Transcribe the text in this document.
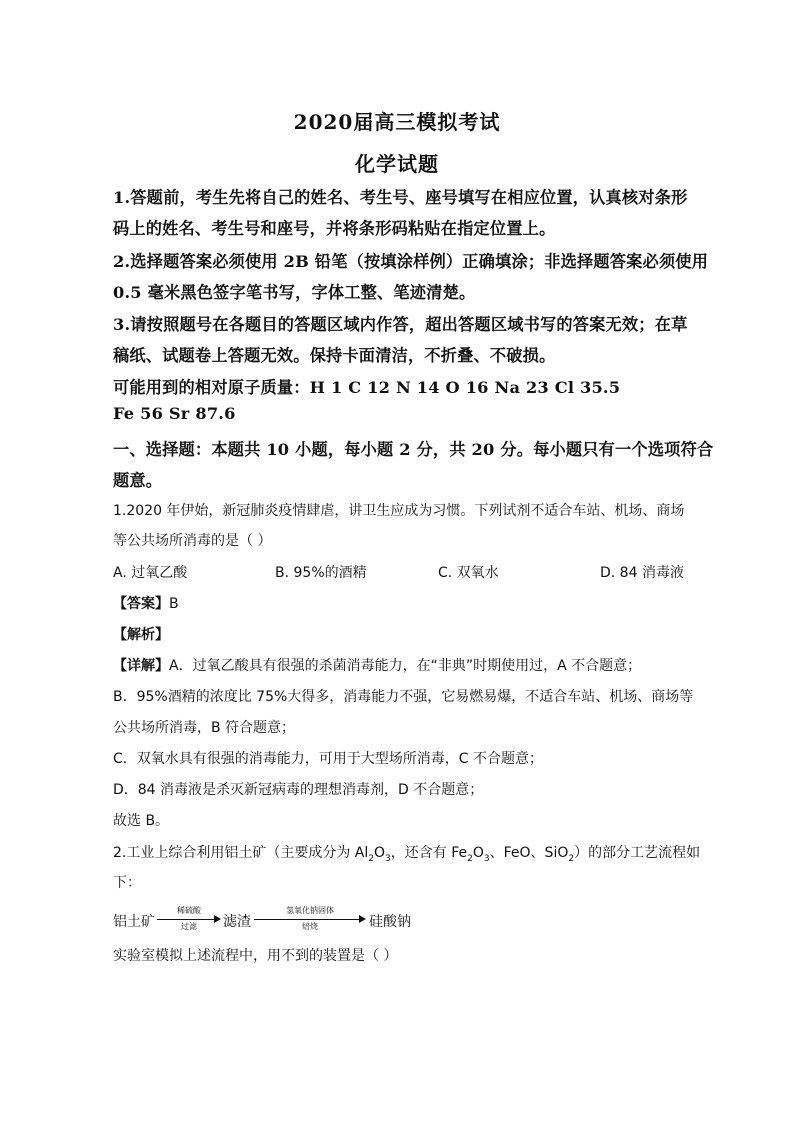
2020届高三模拟考试
化学试题
1.答题前，考生先将自己的姓名、考生号、座号填写在相应位置，认真核对条形
码上的姓名、考生号和座号，并将条形码粘贴在指定位置上。
2.选择题答案必须使用 2B 铅笔（按填涂样例）正确填涂；非选择题答案必须使用
0.5 毫米黑色签字笔书写，字体工整、笔迹清楚。
3.请按照题号在各题目的答题区域内作答，超出答题区域书写的答案无效；在草
稿纸、试题卷上答题无效。保持卡面清洁，不折叠、不破损。
可能用到的相对原子质量：H 1 C 12 N 14 O 16 Na 23 Cl 35.5
Fe 56 Sr 87.6
一、选择题：本题共 10 小题，每小题 2 分，共 20 分。每小题只有一个选项符合
题意。
1.2020 年伊始，新冠肺炎疫情肆虐，讲卫生应成为习惯。下列试剂不适合车站、机场、商场
等公共场所消毒的是（ ）
A. 过氧乙酸	B. 95%的酒精	C. 双氧水	D. 84 消毒液
【答案】B
【解析】
【详解】A．过氧乙酸具有很强的杀菌消毒能力，在“非典”时期使用过，A 不合题意；
B．95%酒精的浓度比 75%大得多，消毒能力不强，它易燃易爆，不适合车站、机场、商场等
公共场所消毒，B 符合题意；
C．双氧水具有很强的消毒能力，可用于大型场所消毒，C 不合题意；
D．84 消毒液是杀灭新冠病毒的理想消毒剂，D 不合题意；
故选 B。
2.工业上综合利用铝土矿（主要成分为 $Al_2O_3$，还含有 $Fe_2O_3$、FeO、SiO$_2$）的部分工艺流程如
下：
铝土矿
稀硫酸
过滤	滤渣
氢氧化钠固体
焙烧	硅酸钠
实验室模拟上述流程中，用不到的装置是（ ）
